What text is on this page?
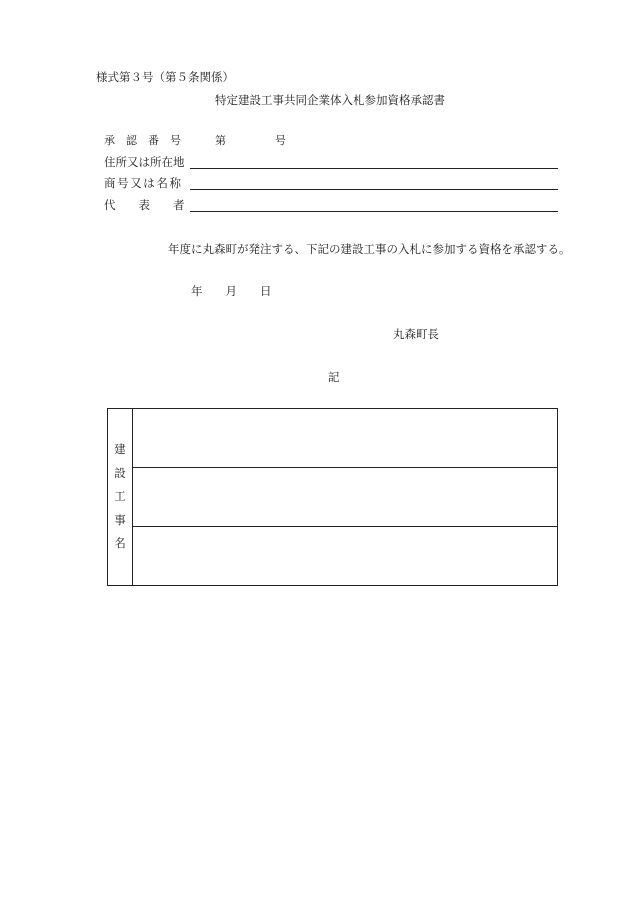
様式第３号（第５条関係）
特定建設工事共同企業体入札参加資格承認書
承　認　番　号	第	号
住所又は所在地
商号又は名称
代　　表　　者
年度に丸森町が発注する、下記の建設工事の入札に参加する資格を承認する。
年　　月　　日
丸森町長
記
建
設
工
事
名
